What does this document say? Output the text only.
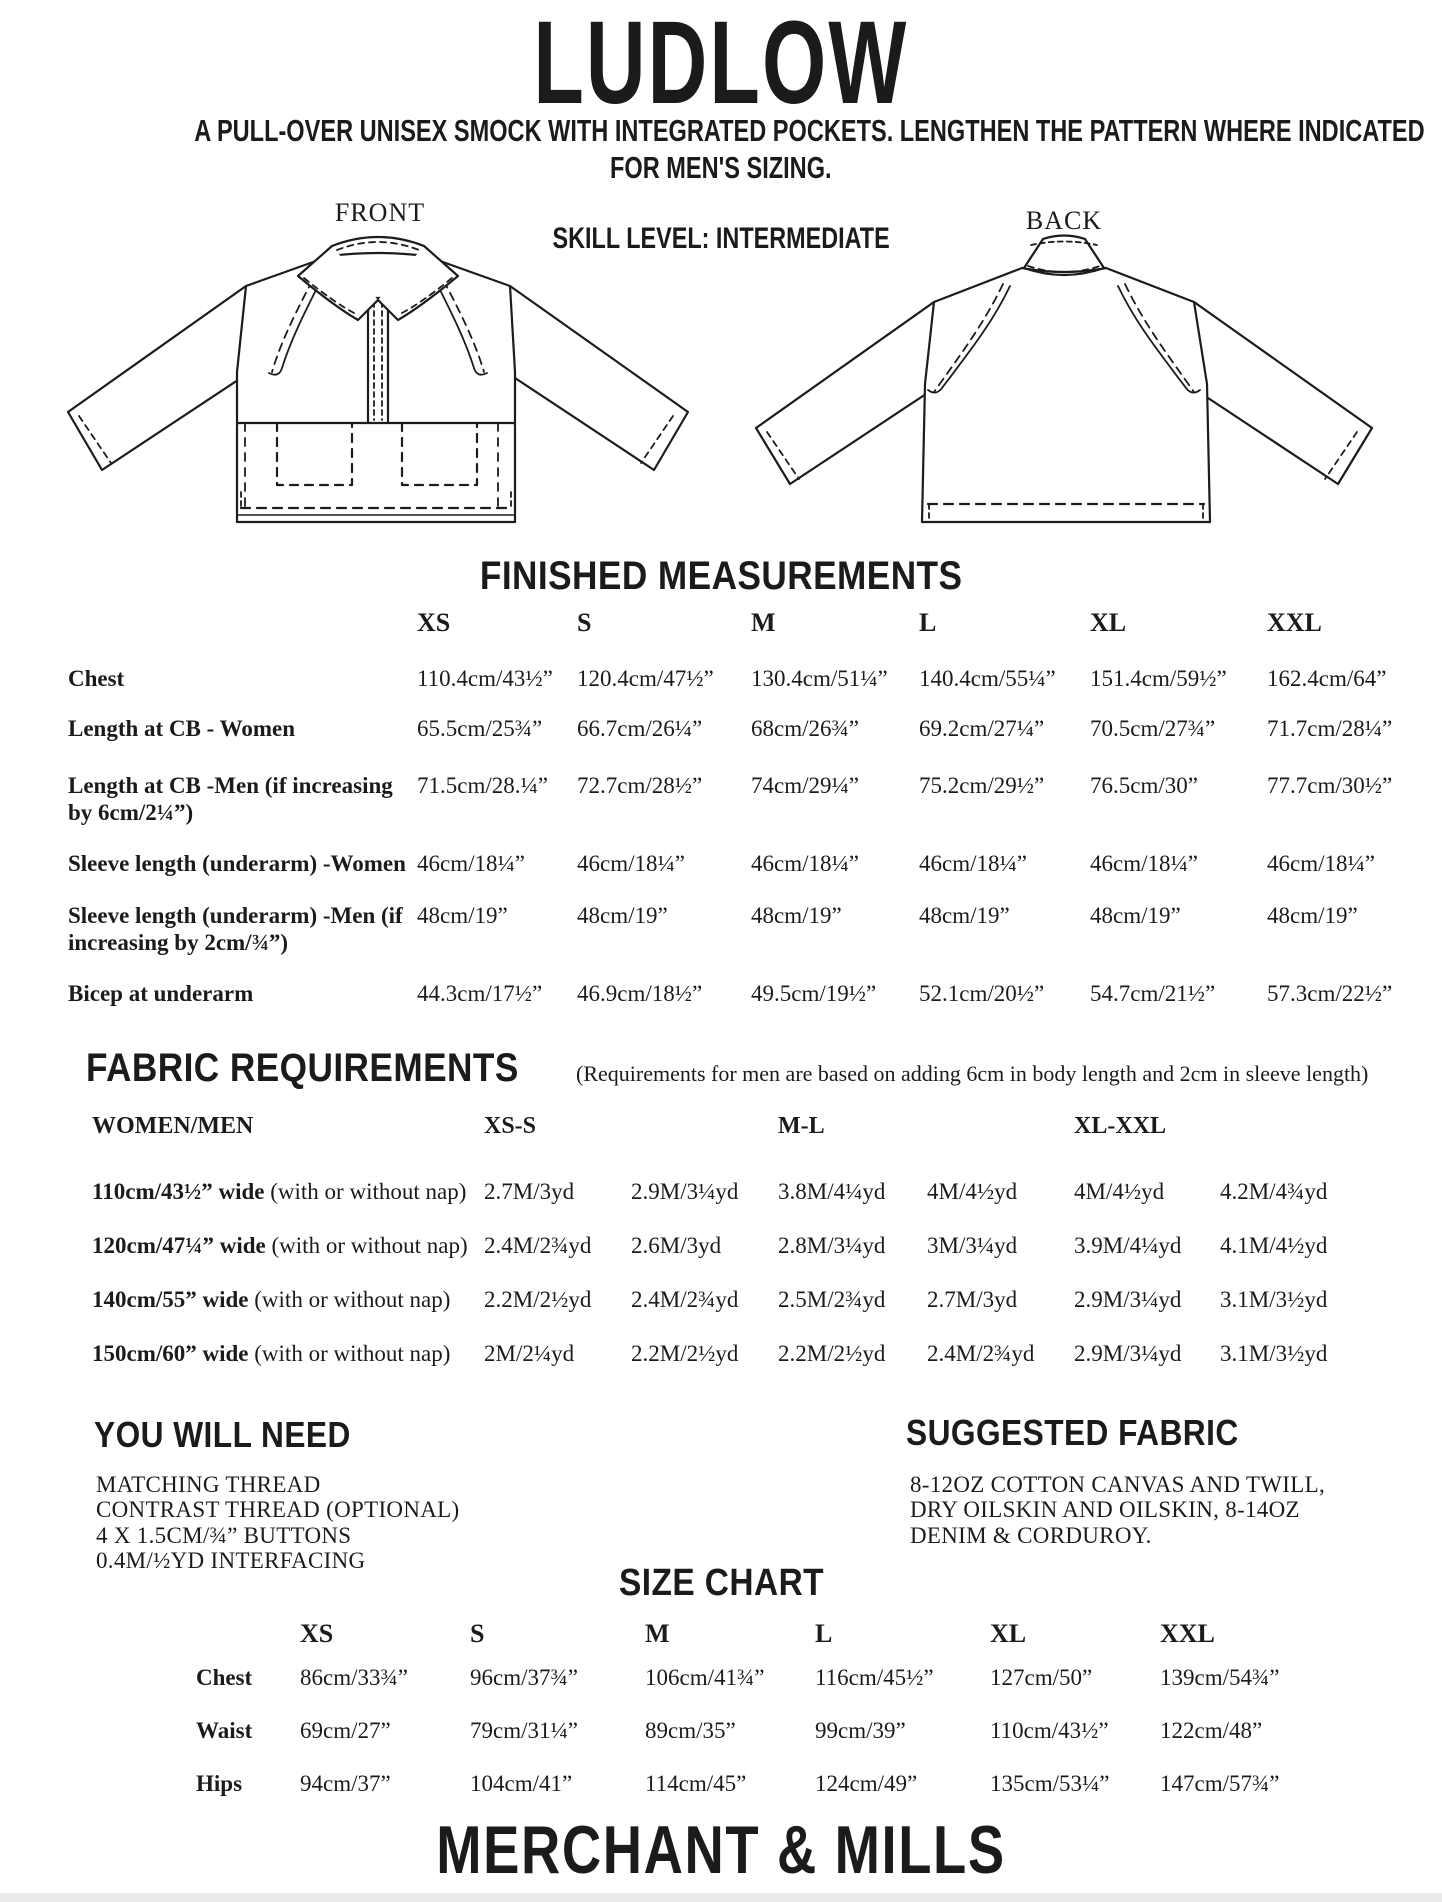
LUDLOW
A PULL-OVER UNISEX SMOCK WITH INTEGRATED POCKETS. LENGTHEN THE PATTERN WHERE INDICATED
FOR MEN'S SIZING.
FRONT	BACK
SKILL LEVEL: INTERMEDIATE
FINISHED MEASUREMENTS
XS	S	M	L	XL	XXL
Chest	110.4cm/43½”	120.4cm/47½”	130.4cm/51¼”	140.4cm/55¼”	151.4cm/59½”	162.4cm/64”
Length at CB - Women	65.5cm/25¾”	66.7cm/26¼”	68cm/26¾”	69.2cm/27¼”	70.5cm/27¾”	71.7cm/28¼”
Length at CB -Men (if increasing by 6cm/2¼”)
71.5cm/28.¼”	72.7cm/28½”	74cm/29¼”	75.2cm/29½”	76.5cm/30”	77.7cm/30½”
Sleeve length (underarm) -Women 46cm/18¼”	46cm/18¼”	46cm/18¼”	46cm/18¼”	46cm/18¼”	46cm/18¼”
Sleeve length (underarm) -Men (if increasing by 2cm/¾”)
48cm/19”	48cm/19”	48cm/19”	48cm/19”	48cm/19”	48cm/19”
Bicep at underarm	44.3cm/17½”	46.9cm/18½”	49.5cm/19½”	52.1cm/20½”	54.7cm/21½”	57.3cm/22½”
FABRIC REQUIREMENTS	(Requirements for men are based on adding 6cm in body length and 2cm in sleeve length)
WOMEN/MEN	XS-S	M-L	XL-XXL
110cm/43½” wide (with or without nap) 2.7M/3yd	2.9M/3¼yd	3.8M/4¼yd	4M/4½yd	4M/4½yd	4.2M/4¾yd
120cm/47¼” wide (with or without nap) 2.4M/2¾yd	2.6M/3yd	2.8M/3¼yd	3M/3¼yd	3.9M/4¼yd	4.1M/4½yd
140cm/55” wide (with or without nap)	2.2M/2½yd	2.4M/2¾yd	2.5M/2¾yd	2.7M/3yd	2.9M/3¼yd	3.1M/3½yd
150cm/60” wide (with or without nap)	2M/2¼yd	2.2M/2½yd	2.2M/2½yd	2.4M/2¾yd	2.9M/3¼yd	3.1M/3½yd
YOU WILL NEED
MATCHING THREAD
CONTRAST THREAD (OPTIONAL)
4 X 1.5CM/¾” BUTTONS
0.4M/½YD INTERFACING
SUGGESTED FABRIC
8-12OZ COTTON CANVAS AND TWILL,
DRY OILSKIN AND OILSKIN, 8-14OZ
DENIM & CORDUROY.
SIZE CHART
XS	S	M	L	XL	XXL
Chest	86cm/33¾”	96cm/37¾”	106cm/41¾”	116cm/45½”	127cm/50”	139cm/54¾”
Waist	69cm/27”	79cm/31¼”	89cm/35”	99cm/39”	110cm/43½”	122cm/48”
Hips	94cm/37”	104cm/41”	114cm/45”	124cm/49”	135cm/53¼”	147cm/57¾”
MERCHANT & MILLS
